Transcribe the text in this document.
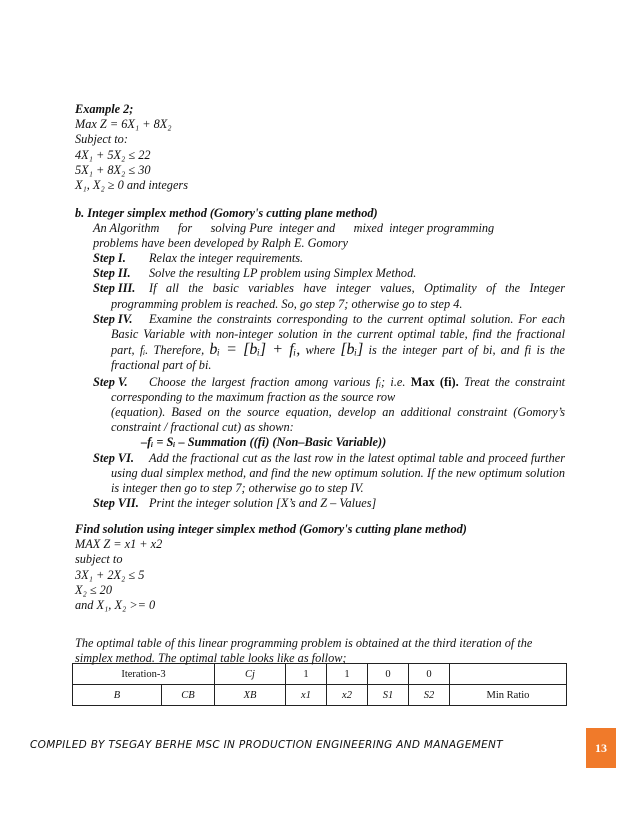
Example 2;
Max Z = 6X₁ + 8X₂
Subject to:
4X₁ + 5X₂ ≤ 22
5X₁ + 8X₂ ≤ 30
X₁, X₂ ≥ 0 and integers
b. Integer simplex method (Gomory's cutting plane method)
An Algorithm      for      solving Pure  integer and      mixed  integer programming
problems have been developed by Ralph E. Gomory
Step I. Relax the integer requirements.
Step II. Solve the resulting LP problem using Simplex Method.
Step III. If all the basic variables have integer values, Optimality of the Integer programming problem is reached. So, go step 7; otherwise go to step 4.
Step IV. Examine the constraints corresponding to the current optimal solution. For each Basic Variable with non-integer solution in the current optimal table, find the fractional part, fᵢ. Therefore, bᵢ = [bᵢ] + fᵢ, where [bᵢ] is the integer part of bi, and fi is the fractional part of bi.
Step V. Choose the largest fraction among various fᵢ; i.e. Max (fi). Treat the constraint corresponding to the maximum fraction as the source row
(equation). Based on the source equation, develop an additional constraint (Gomory’s constraint / fractional cut) as shown:
–fᵢ = Sᵢ – Summation ((fi) (Non–Basic Variable))
Step VI. Add the fractional cut as the last row in the latest optimal table and proceed further using dual simplex method, and find the new optimum solution. If the new optimum solution is integer then go to step 7; otherwise go to step IV.
Step VII. Print the integer solution [X’s and Z – Values]
Find solution using integer simplex method (Gomory's cutting plane method)
MAX Z = x1 + x2
subject to
3X₁ + 2X₂ ≤ 5
X₂ ≤ 20
and X₁, X₂ >= 0
The optimal table of this linear programming problem is obtained at the third iteration of the
simplex method. The optimal table looks like as follow;
Iteration-3		Cj	1	1	0	0	
B	CB	XB	x1	x2	S1	S2	Min Ratio
COMPILED BY TSEGAY BERHE MSC IN PRODUCTION ENGINEERING AND MANAGEMENT	13
